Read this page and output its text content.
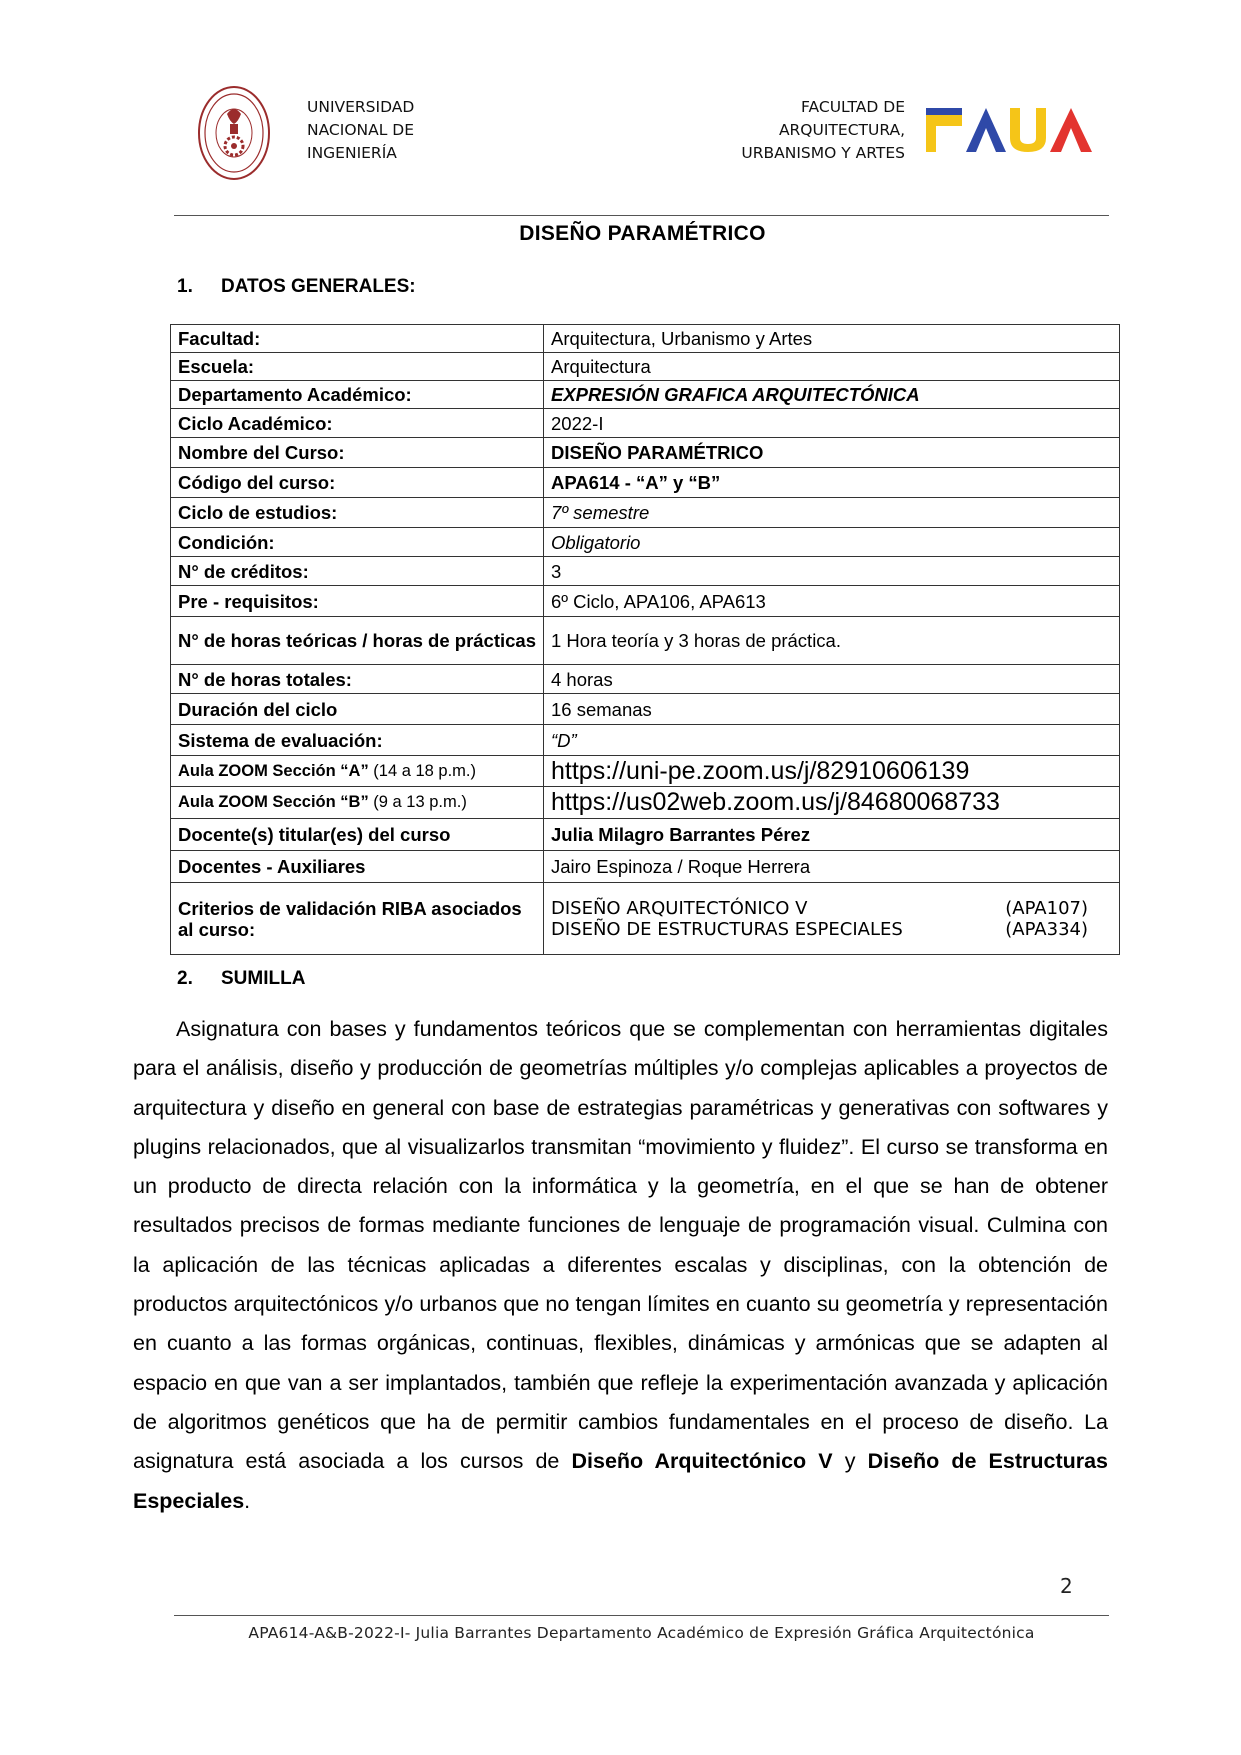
UNIVERSIDAD
NACIONAL DE
INGENIERÍA
FACULTAD DE
ARQUITECTURA,
URBANISMO Y ARTES
DISEÑO PARAMÉTRICO
1. DATOS GENERALES:
Facultad:	Arquitectura, Urbanismo y Artes
Escuela:	Arquitectura
Departamento Académico:	EXPRESIÓN GRAFICA ARQUITECTÓNICA
Ciclo Académico:	2022-I
Nombre del Curso:	DISEÑO PARAMÉTRICO
Código del curso:	APA614 - “A” y “B”
Ciclo de estudios:	7º semestre
Condición:	Obligatorio
N° de créditos:	3
Pre - requisitos:	6º Ciclo, APA106, APA613
N° de horas teóricas / horas de prácticas	1 Hora teoría y 3 horas de práctica.
N° de horas totales:	4 horas
Duración del ciclo	16 semanas
Sistema de evaluación:	“D”
Aula ZOOM Sección “A” (14 a 18 p.m.)	https://uni-pe.zoom.us/j/82910606139
Aula ZOOM Sección “B” (9 a 13 p.m.)	https://us02web.zoom.us/j/84680068733
Docente(s) titular(es) del curso	Julia Milagro Barrantes Pérez
Docentes - Auxiliares	Jairo Espinoza / Roque Herrera
Criterios de validación RIBA asociados al curso:	DISEÑO ARQUITECTÓNICO V (APA107)
DISEÑO DE ESTRUCTURAS ESPECIALES (APA334)
2. SUMILLA
Asignatura con bases y fundamentos teóricos que se complementan con herramientas digitales para el análisis, diseño y producción de geometrías múltiples y/o complejas aplicables a proyectos de arquitectura y diseño en general con base de estrategias paramétricas y generativas con softwares y plugins relacionados, que al visualizarlos transmitan “movimiento y fluidez”. El curso se transforma en un producto de directa relación con la informática y la geometría, en el que se han de obtener resultados precisos de formas mediante funciones de lenguaje de programación visual. Culmina con la aplicación de las técnicas aplicadas a diferentes escalas y disciplinas, con la obtención de productos arquitectónicos y/o urbanos que no tengan límites en cuanto su geometría y representación en cuanto a las formas orgánicas, continuas, flexibles, dinámicas y armónicas que se adapten al espacio en que van a ser implantados, también que refleje la experimentación avanzada y aplicación de algoritmos genéticos que ha de permitir cambios fundamentales en el proceso de diseño. La asignatura está asociada a los cursos de Diseño Arquitectónico V y Diseño de Estructuras Especiales.
2
APA614-A&B-2022-I- Julia Barrantes Departamento Académico de Expresión Gráfica Arquitectónica
